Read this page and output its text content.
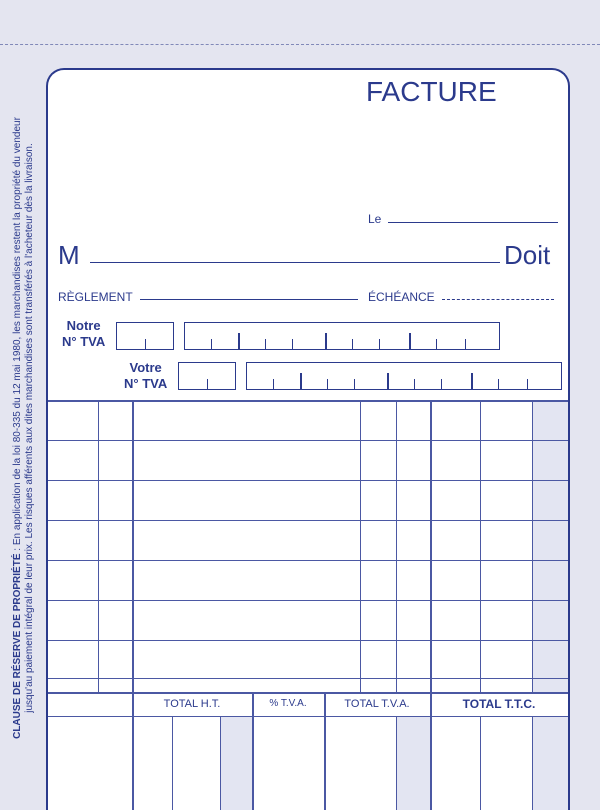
CLAUSE DE RÉSERVE DE PROPRIÉTÉ : En application de la loi 80-335 du 12 mai 1980, les marchandises restent la propriété du vendeur jusqu'au paiement intégral de leur prix. Les risques afférents aux dites marchandises sont transférés à l'acheteur dès la livraison.
FACTURE
Le
M	Doit
RÈGLEMENT	ÉCHÉANCE
Notre
N° TVA
Votre
N° TVA
TOTAL H.T.	% T.V.A.	TOTAL T.V.A.	TOTAL T.T.C.
